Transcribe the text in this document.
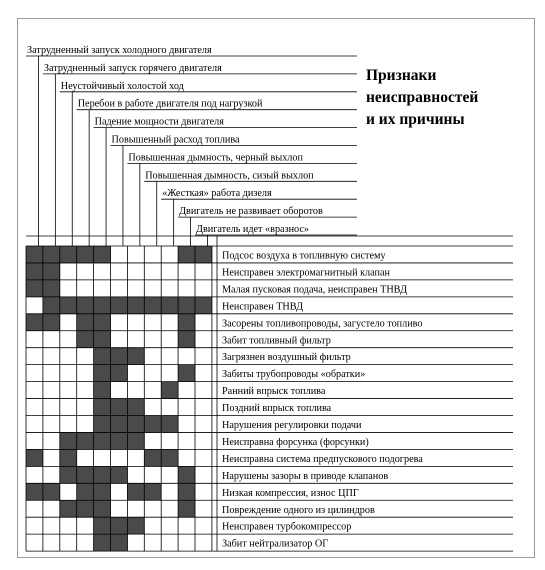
Затрудненный запуск холодного двигателя
Затрудненный запуск горячего двигателя
Неустойчивый холостой ход
Перебои в работе двигателя под нагрузкой
Падение мощности двигателя
Повышенный расход топлива
Повышенная дымность, черный выхлоп
Повышенная дымность, сизый выхлоп
«Жесткая» работа дизеля
Двигатель не развивает оборотов
Двигатель идет «вразнос»
Подсос воздуха в топливную систему
Неисправен электромагнитный клапан
Малая пусковая подача, неисправен ТНВД
Неисправен ТНВД
Засорены топливопроводы, загустело топливо
Забит топливный фильтр
Загрязнен воздушный фильтр
Забиты трубопроводы «обратки»
Ранний впрыск топлива
Поздний впрыск топлива
Нарушения регулировки подачи
Неисправна форсунка (форсунки)
Неисправна система предпускового подогрева
Нарушены зазоры в приводе клапанов
Низкая компрессия, износ ЦПГ
Повреждение одного из цилиндров
Неисправен турбокомпрессор
Забит нейтрализатор ОГ
Признаки
неисправностей
и их причины
